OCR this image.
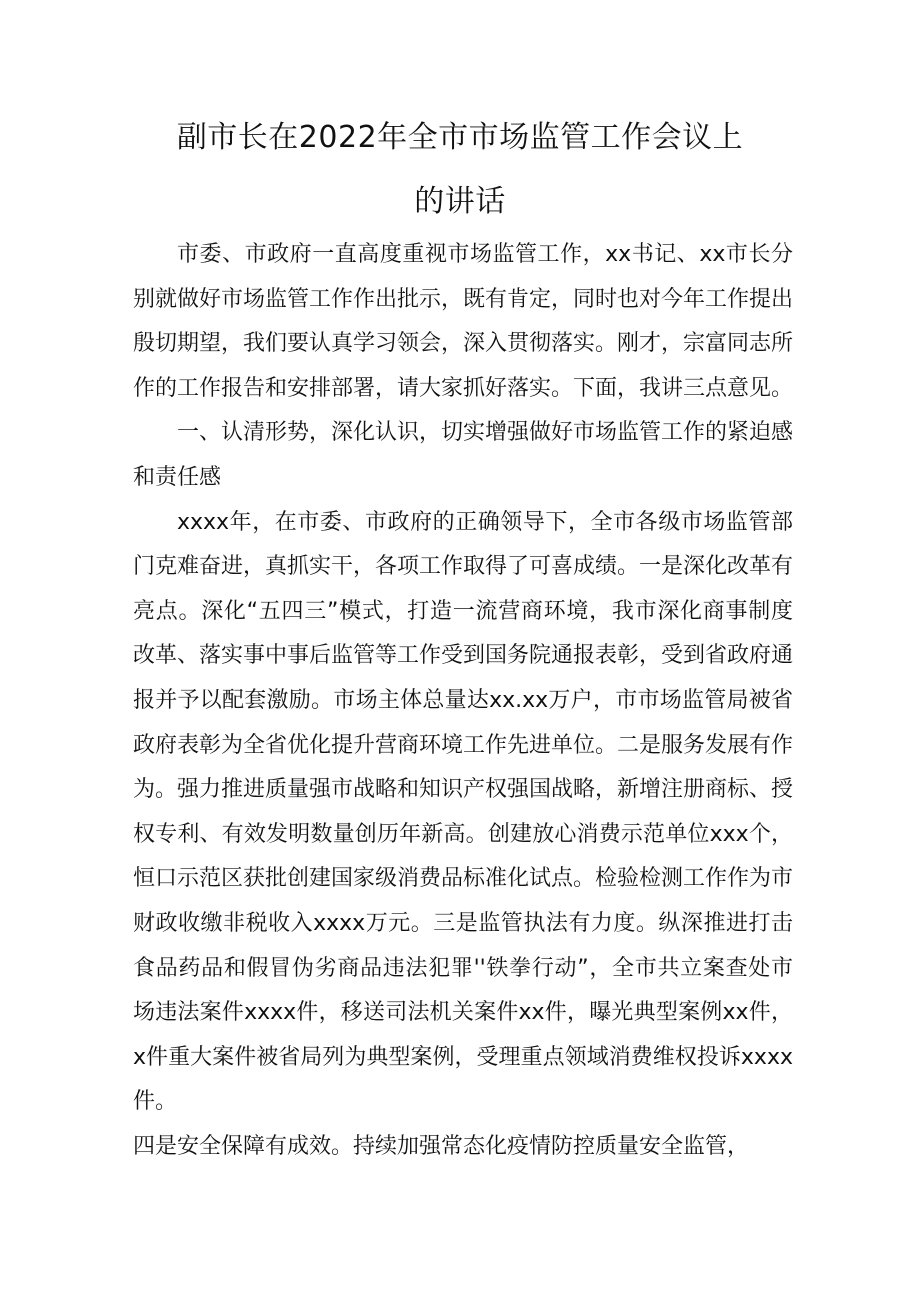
副市长在2022年全市市场监管工作会议上
的讲话

市委、市政府一直高度重视市场监管工作，xx书记、xx市长分别就做好市场监管工作作出批示，既有肯定，同时也对今年工作提出殷切期望，我们要认真学习领会，深入贯彻落实。刚才，宗富同志所作的工作报告和安排部署，请大家抓好落实。下面，我讲三点意见。

一、认清形势，深化认识，切实增强做好市场监管工作的紧迫感和责任感

xxxx年，在市委、市政府的正确领导下，全市各级市场监管部门克难奋进，真抓实干，各项工作取得了可喜成绩。一是深化改革有亮点。深化“五四三”模式，打造一流营商环境，我市深化商事制度改革、落实事中事后监管等工作受到国务院通报表彰，受到省政府通报并予以配套激励。市场主体总量达xx.xx万户，市市场监管局被省政府表彰为全省优化提升营商环境工作先进单位。二是服务发展有作为。强力推进质量强市战略和知识产权强国战略，新增注册商标、授权专利、有效发明数量创历年新高。创建放心消费示范单位xxx个，恒口示范区获批创建国家级消费品标准化试点。检验检测工作作为市财政收缴非税收入xxxx万元。三是监管执法有力度。纵深推进打击食品药品和假冒伪劣商品违法犯罪''铁拳行动”，全市共立案查处市场违法案件xxxx件，移送司法机关案件xx件，曝光典型案例xx件，x件重大案件被省局列为典型案例，受理重点领域消费维权投诉xxxx件。

四是安全保障有成效。持续加强常态化疫情防控质量安全监管，
